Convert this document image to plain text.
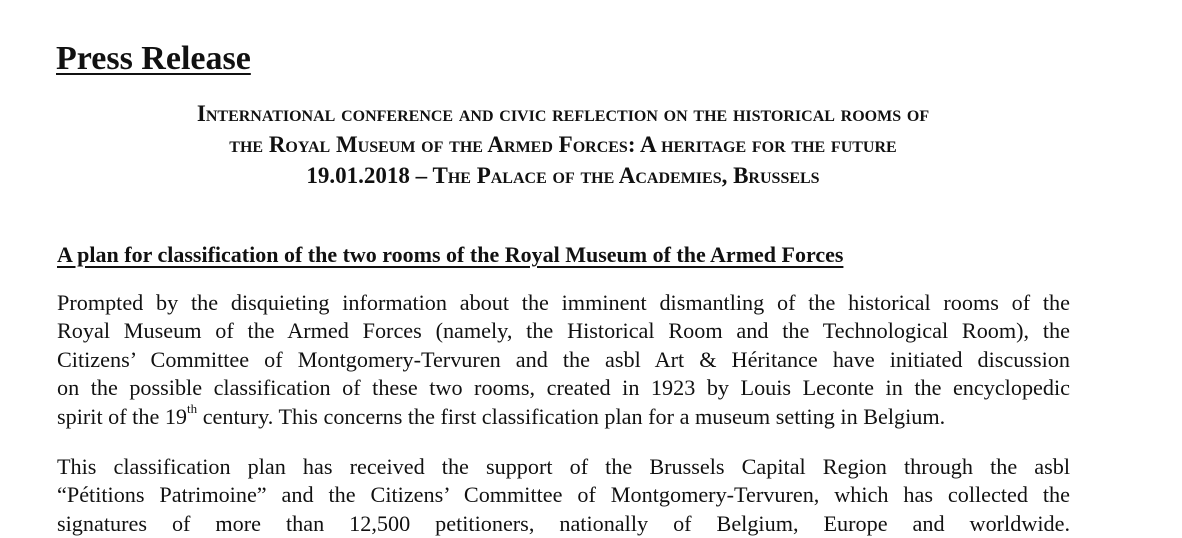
Press Release
International conference and civic reflection on the historical rooms of
the Royal Museum of the Armed Forces: A heritage for the future
19.01.2018 – The Palace of the Academies, Brussels
A plan for classification of the two rooms of the Royal Museum of the Armed Forces
Prompted by the disquieting information about the imminent dismantling of the historical rooms of the
Royal Museum of the Armed Forces (namely, the Historical Room and the Technological Room), the
Citizens’ Committee of Montgomery-Tervuren and the asbl Art & Héritance have initiated discussion
on the possible classification of these two rooms, created in 1923 by Louis Leconte in the encyclopedic
spirit of the 19th century. This concerns the first classification plan for a museum setting in Belgium.
This classification plan has received the support of the Brussels Capital Region through the asbl
“Pétitions Patrimoine” and the Citizens’ Committee of Montgomery-Tervuren, which has collected the
signatures of more than 12,500 petitioners, nationally of Belgium, Europe and worldwide.
